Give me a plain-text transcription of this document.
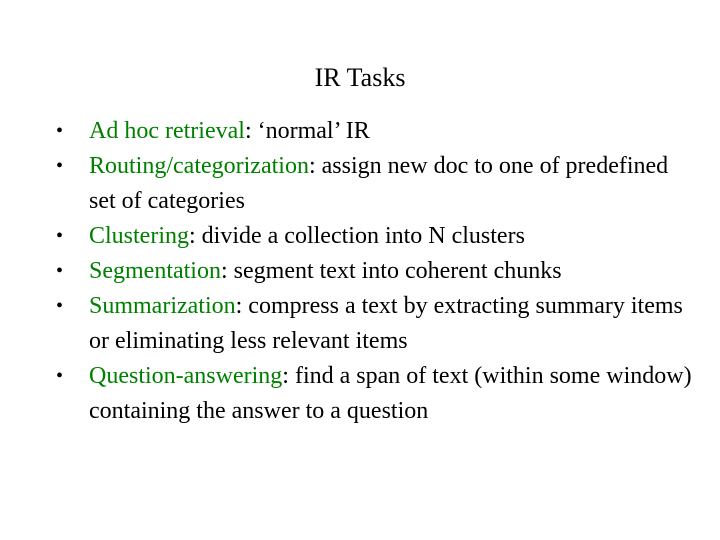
IR Tasks
•	Ad hoc retrieval: ‘normal’ IR
•	Routing/categorization: assign new doc to one of predefined set of categories
•	Clustering: divide a collection into N clusters
•	Segmentation: segment text into coherent chunks
•	Summarization: compress a text by extracting summary items or eliminating less relevant items
•	Question-answering: find a span of text (within some window) containing the answer to a question
